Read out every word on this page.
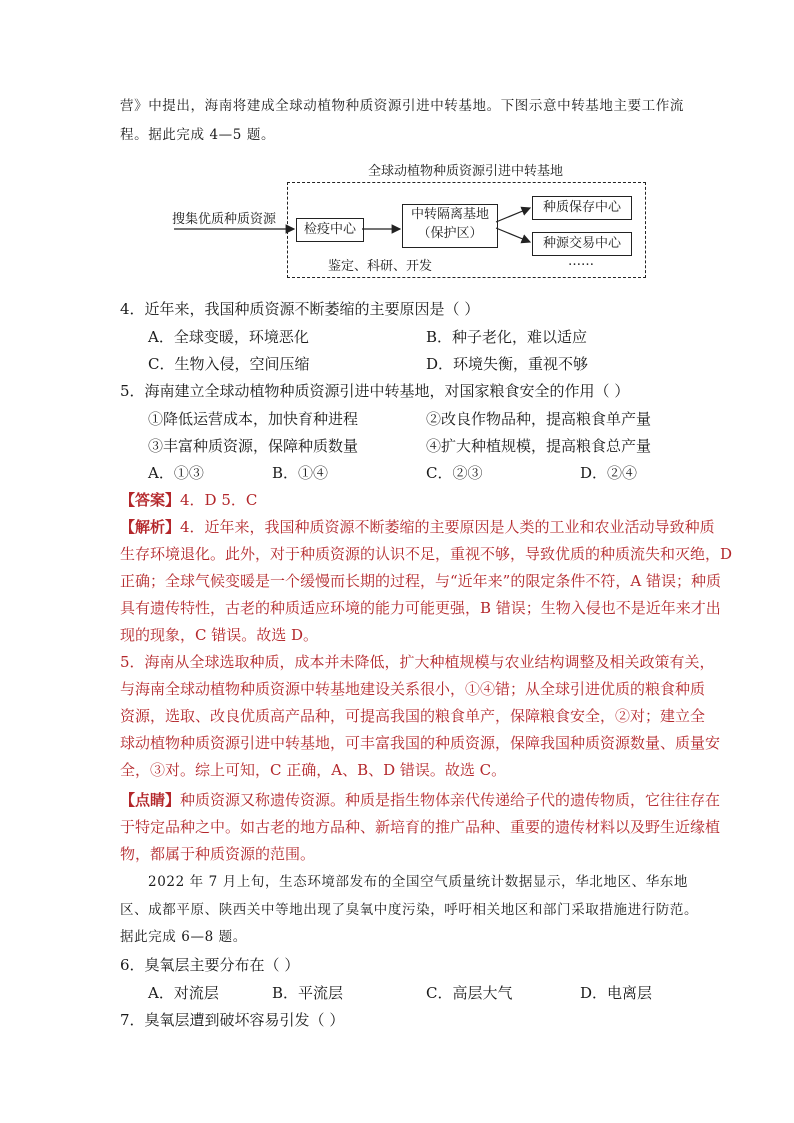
营》中提出，海南将建成全球动植物种质资源引进中转基地。下图示意中转基地主要工作流
程。据此完成 4—5 题。
全球动植物种质资源引进中转基地
搜集优质种质资源
检疫中心
中转隔离基地
（保护区）
种质保存中心
种源交易中心
鉴定、科研、开发	……
4．近年来，我国种质资源不断萎缩的主要原因是（ ）
A．全球变暖，环境恶化	B．种子老化，难以适应
C．生物入侵，空间压缩	D．环境失衡，重视不够
5．海南建立全球动植物种质资源引进中转基地，对国家粮食安全的作用（ ）
①降低运营成本，加快育种进程	②改良作物品种，提高粮食单产量
③丰富种质资源，保障种质数量	④扩大种植规模，提高粮食总产量
A．①③	B．①④	C．②③	D．②④
【答案】4．D 5．C
【解析】4．近年来，我国种质资源不断萎缩的主要原因是人类的工业和农业活动导致种质
生存环境退化。此外，对于种质资源的认识不足，重视不够，导致优质的种质流失和灭绝，D
正确；全球气候变暖是一个缓慢而长期的过程，与“近年来”的限定条件不符，A 错误；种质
具有遗传特性，古老的种质适应环境的能力可能更强，B 错误；生物入侵也不是近年来才出
现的现象，C 错误。故选 D。
5．海南从全球选取种质，成本并未降低，扩大种植规模与农业结构调整及相关政策有关，
与海南全球动植物种质资源中转基地建设关系很小，①④错；从全球引进优质的粮食种质
资源，选取、改良优质高产品种，可提高我国的粮食单产，保障粮食安全，②对；建立全
球动植物种质资源引进中转基地，可丰富我国的种质资源，保障我国种质资源数量、质量安
全，③对。综上可知，C 正确，A、B、D 错误。故选 C。
【点睛】种质资源又称遗传资源。种质是指生物体亲代传递给子代的遗传物质，它往往存在
于特定品种之中。如古老的地方品种、新培育的推广品种、重要的遗传材料以及野生近缘植
物，都属于种质资源的范围。
2022 年 7 月上旬，生态环境部发布的全国空气质量统计数据显示，华北地区、华东地
区、成都平原、陕西关中等地出现了臭氧中度污染，呼吁相关地区和部门采取措施进行防范。
据此完成 6—8 题。
6．臭氧层主要分布在（ ）
A．对流层	B．平流层	C．高层大气	D．电离层
7．臭氧层遭到破坏容易引发（ ）
